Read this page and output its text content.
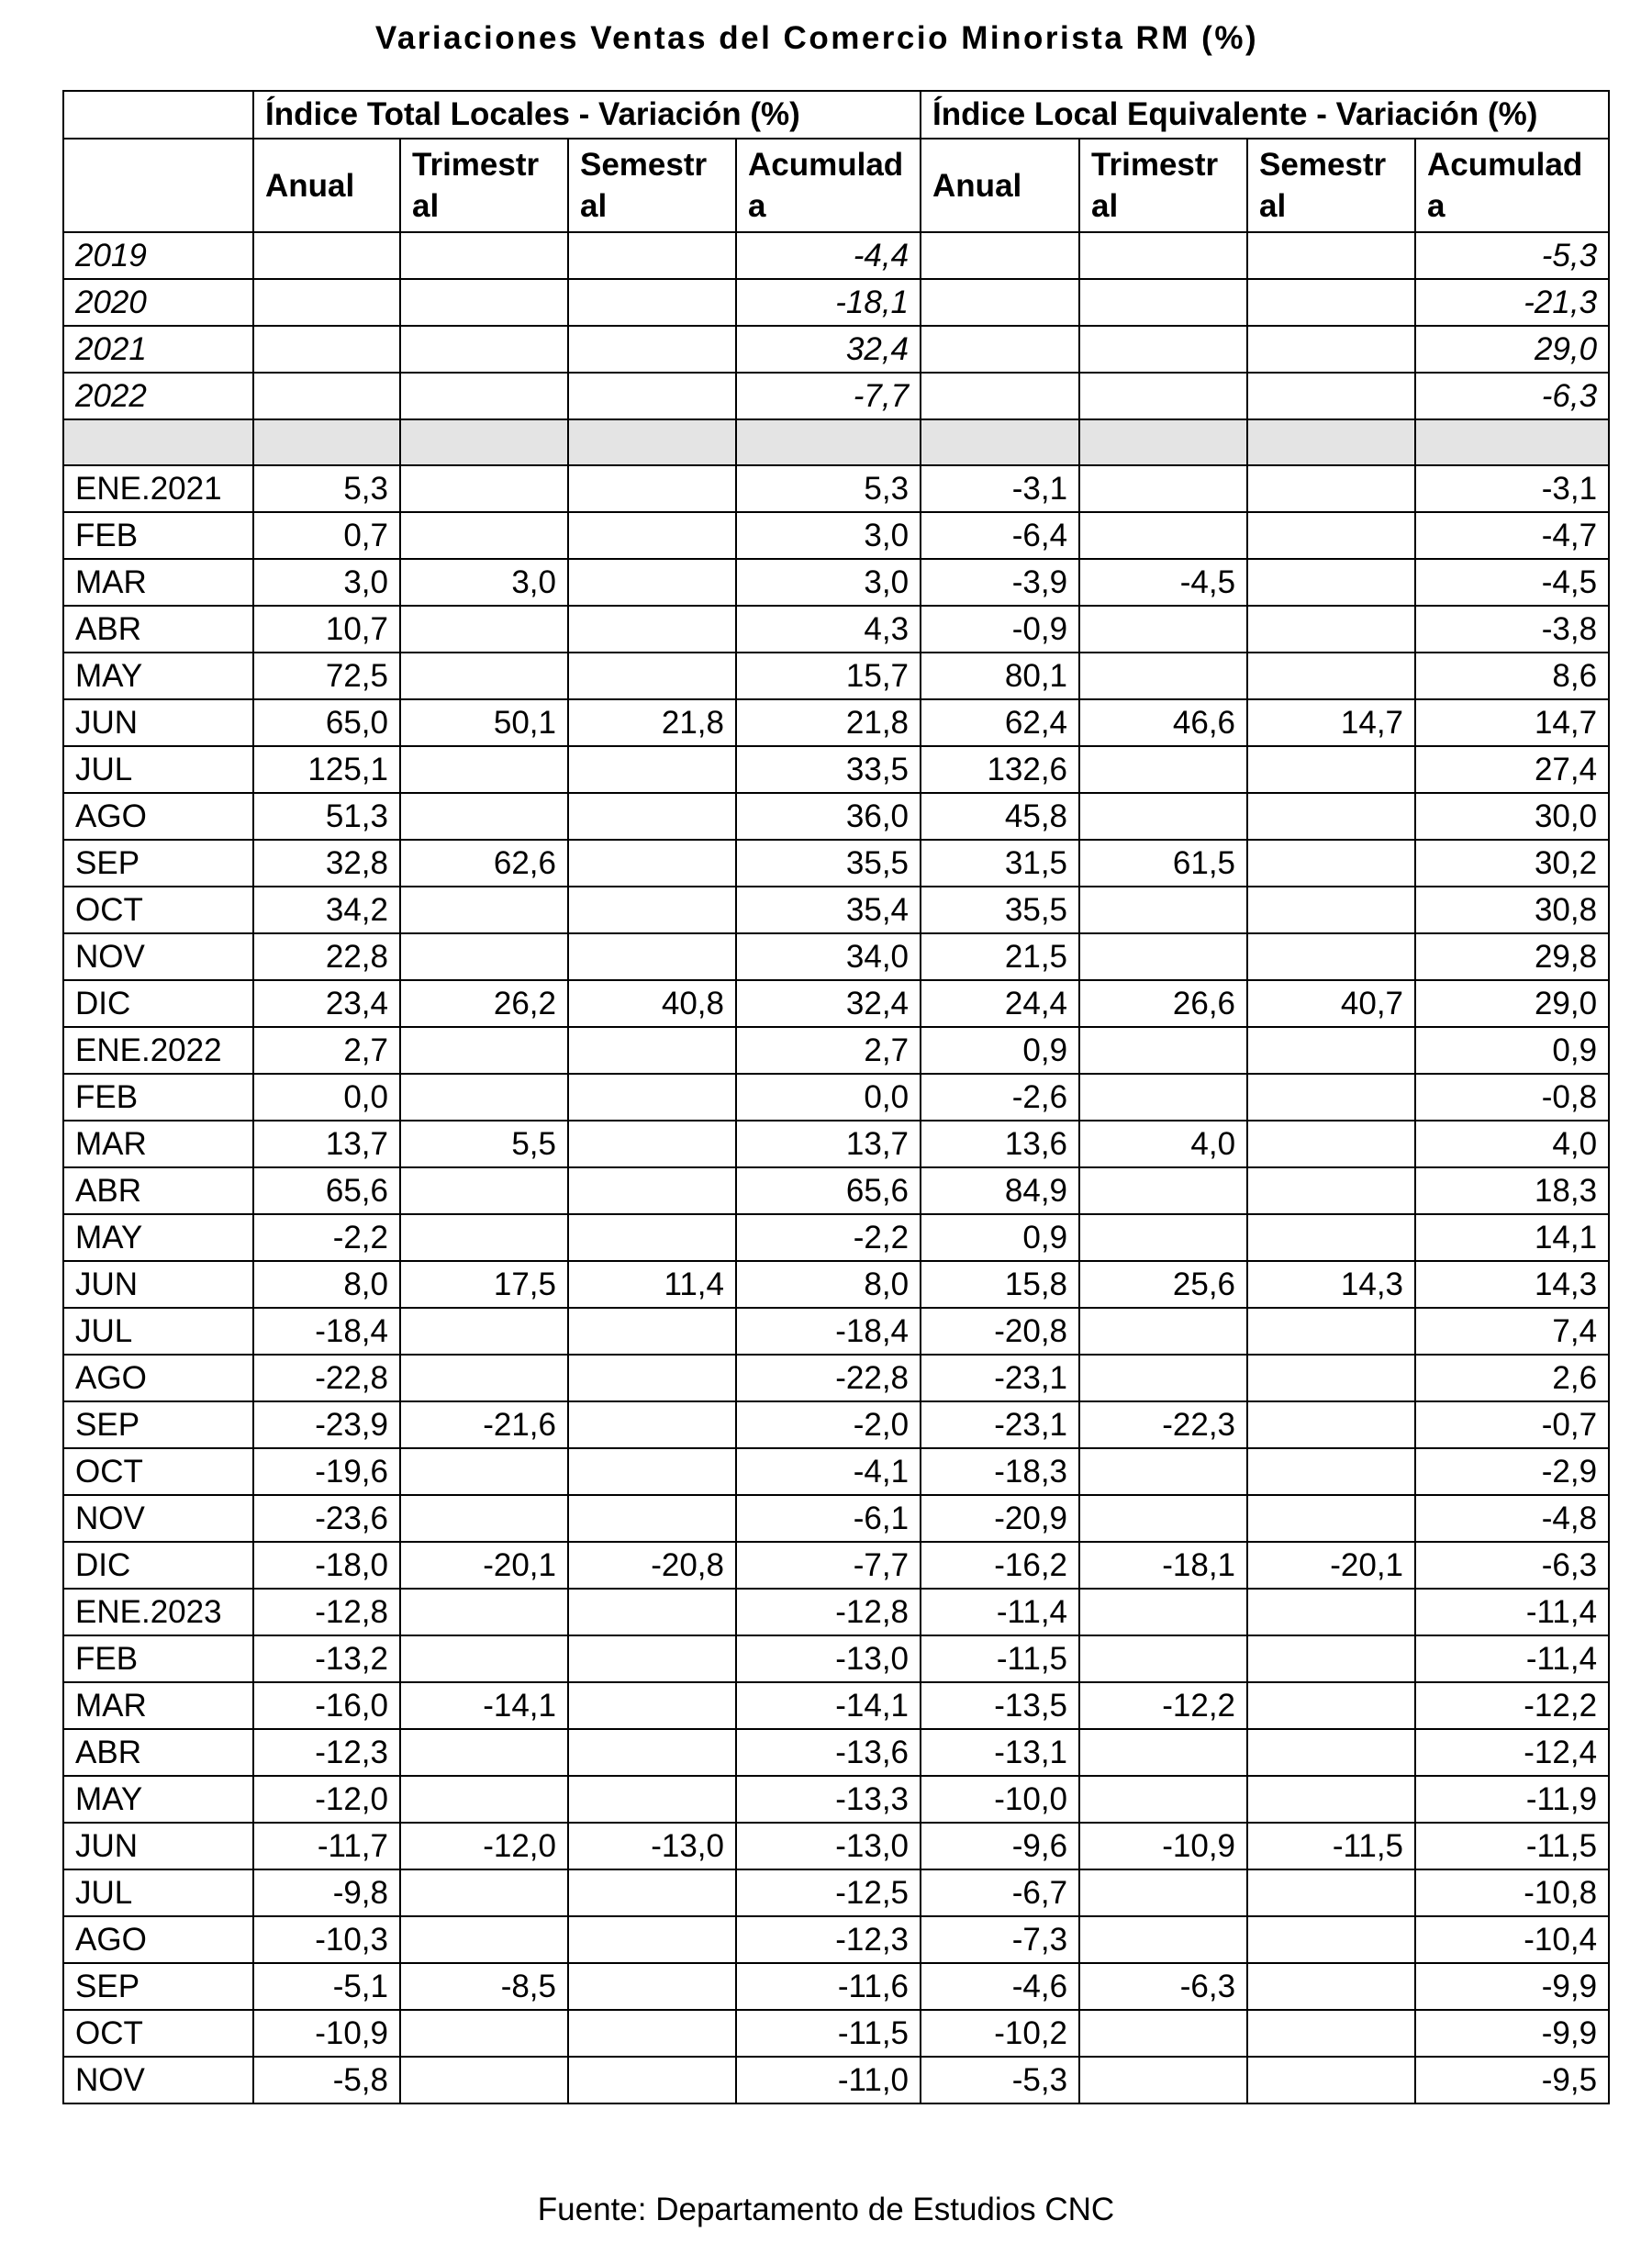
Variaciones Ventas del Comercio Minorista RM (%)
	Índice Total Locales - Variación (%)				Índice Local Equivalente - Variación (%)			
	Anual	Trimestral	Semestral	Acumulada	Anual	Trimestral	Semestral	Acumulada
2019				-4,4				-5,3
2020				-18,1				-21,3
2021				32,4				29,0
2022				-7,7				-6,3

ENE.2021	5,3			5,3	-3,1			-3,1
FEB	0,7			3,0	-6,4			-4,7
MAR	3,0	3,0		3,0	-3,9	-4,5		-4,5
ABR	10,7			4,3	-0,9			-3,8
MAY	72,5			15,7	80,1			8,6
JUN	65,0	50,1	21,8	21,8	62,4	46,6	14,7	14,7
JUL	125,1			33,5	132,6			27,4
AGO	51,3			36,0	45,8			30,0
SEP	32,8	62,6		35,5	31,5	61,5		30,2
OCT	34,2			35,4	35,5			30,8
NOV	22,8			34,0	21,5			29,8
DIC	23,4	26,2	40,8	32,4	24,4	26,6	40,7	29,0
ENE.2022	2,7			2,7	0,9			0,9
FEB	0,0			0,0	-2,6			-0,8
MAR	13,7	5,5		13,7	13,6	4,0		4,0
ABR	65,6			65,6	84,9			18,3
MAY	-2,2			-2,2	0,9			14,1
JUN	8,0	17,5	11,4	8,0	15,8	25,6	14,3	14,3
JUL	-18,4			-18,4	-20,8			7,4
AGO	-22,8			-22,8	-23,1			2,6
SEP	-23,9	-21,6		-2,0	-23,1	-22,3		-0,7
OCT	-19,6			-4,1	-18,3			-2,9
NOV	-23,6			-6,1	-20,9			-4,8
DIC	-18,0	-20,1	-20,8	-7,7	-16,2	-18,1	-20,1	-6,3
ENE.2023	-12,8			-12,8	-11,4			-11,4
FEB	-13,2			-13,0	-11,5			-11,4
MAR	-16,0	-14,1		-14,1	-13,5	-12,2		-12,2
ABR	-12,3			-13,6	-13,1			-12,4
MAY	-12,0			-13,3	-10,0			-11,9
JUN	-11,7	-12,0	-13,0	-13,0	-9,6	-10,9	-11,5	-11,5
JUL	-9,8			-12,5	-6,7			-10,8
AGO	-10,3			-12,3	-7,3			-10,4
SEP	-5,1	-8,5		-11,6	-4,6	-6,3		-9,9
OCT	-10,9			-11,5	-10,2			-9,9
NOV	-5,8			-11,0	-5,3			-9,5
Fuente: Departamento de Estudios CNC
